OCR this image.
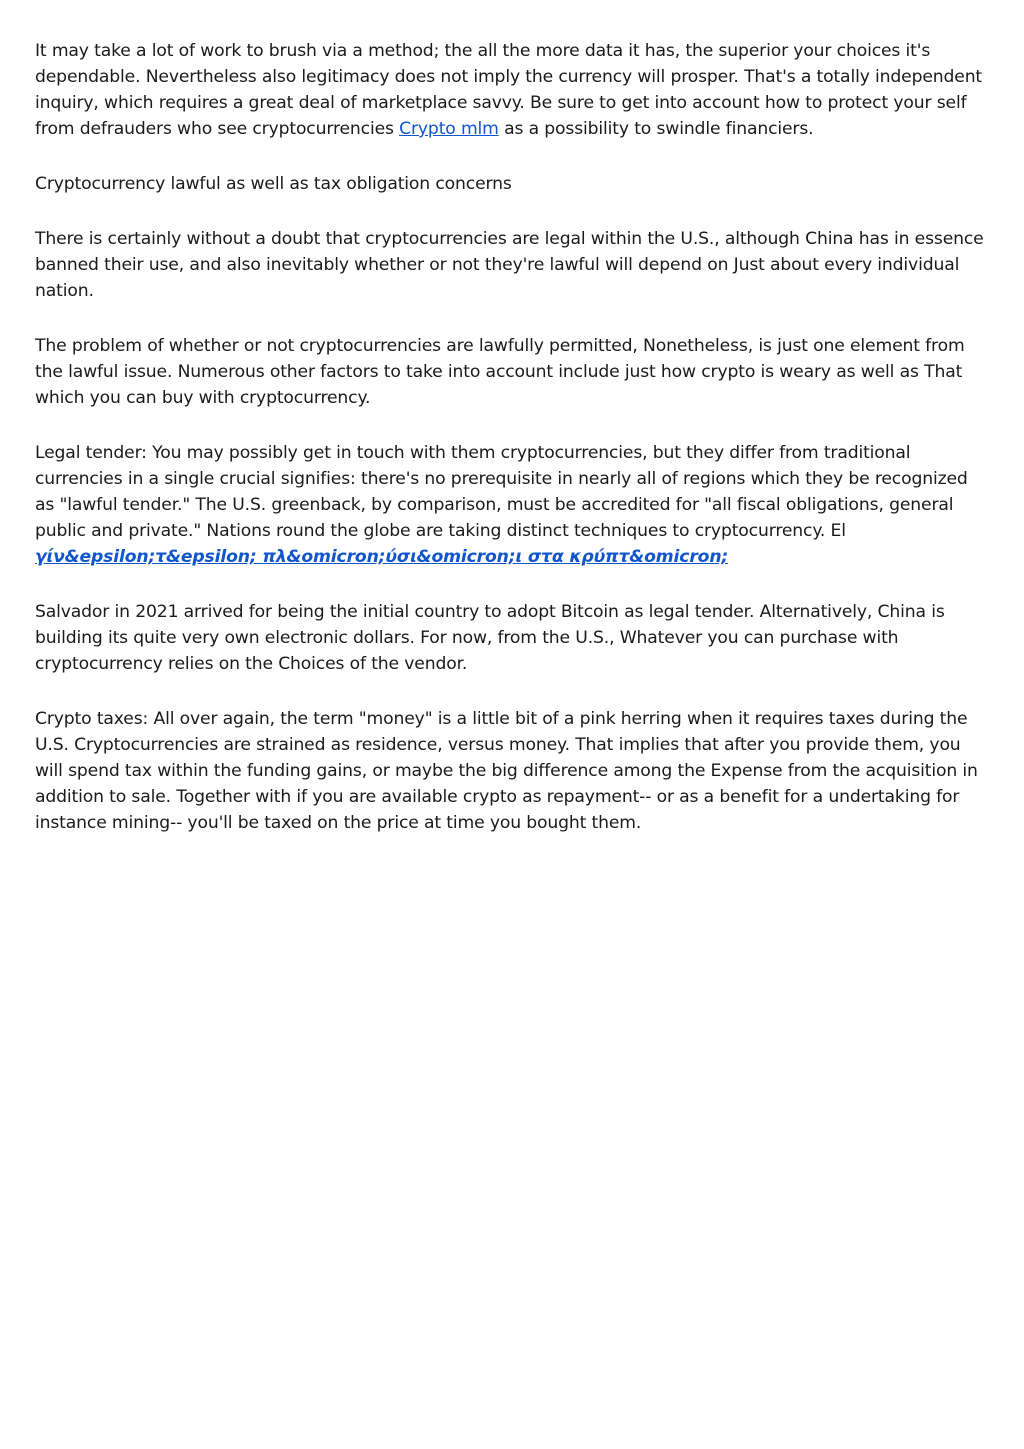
It may take a lot of work to brush via a method; the all the more data it has, the superior your choices it's dependable. Nevertheless also legitimacy does not imply the currency will prosper. That's a totally independent inquiry, which requires a great deal of marketplace savvy. Be sure to get into account how to protect your self from defrauders who see cryptocurrencies Crypto mlm as a possibility to swindle financiers.

Cryptocurrency lawful as well as tax obligation concerns

There is certainly without a doubt that cryptocurrencies are legal within the U.S., although China has in essence banned their use, and also inevitably whether or not they're lawful will depend on Just about every individual nation.

The problem of whether or not cryptocurrencies are lawfully permitted, Nonetheless, is just one element from the lawful issue. Numerous other factors to take into account include just how crypto is weary as well as That which you can buy with cryptocurrency.

Legal tender: You may possibly get in touch with them cryptocurrencies, but they differ from traditional currencies in a single crucial signifies: there's no prerequisite in nearly all of regions which they be recognized as "lawful tender." The U.S. greenback, by comparison, must be accredited for "all fiscal obligations, general public and private." Nations round the globe are taking distinct techniques to cryptocurrency. El γίν&epsilon;τ&epsilon; πλ&omicron;ύσι&omicron;ι στα κρύπτ&omicron;

Salvador in 2021 arrived for being the initial country to adopt Bitcoin as legal tender. Alternatively, China is building its quite very own electronic dollars. For now, from the U.S., Whatever you can purchase with cryptocurrency relies on the Choices of the vendor.

Crypto taxes: All over again, the term "money" is a little bit of a pink herring when it requires taxes during the U.S. Cryptocurrencies are strained as residence, versus money. That implies that after you provide them, you will spend tax within the funding gains, or maybe the big difference among the Expense from the acquisition in addition to sale. Together with if you are available crypto as repayment-- or as a benefit for a undertaking for instance mining-- you'll be taxed on the price at time you bought them.
